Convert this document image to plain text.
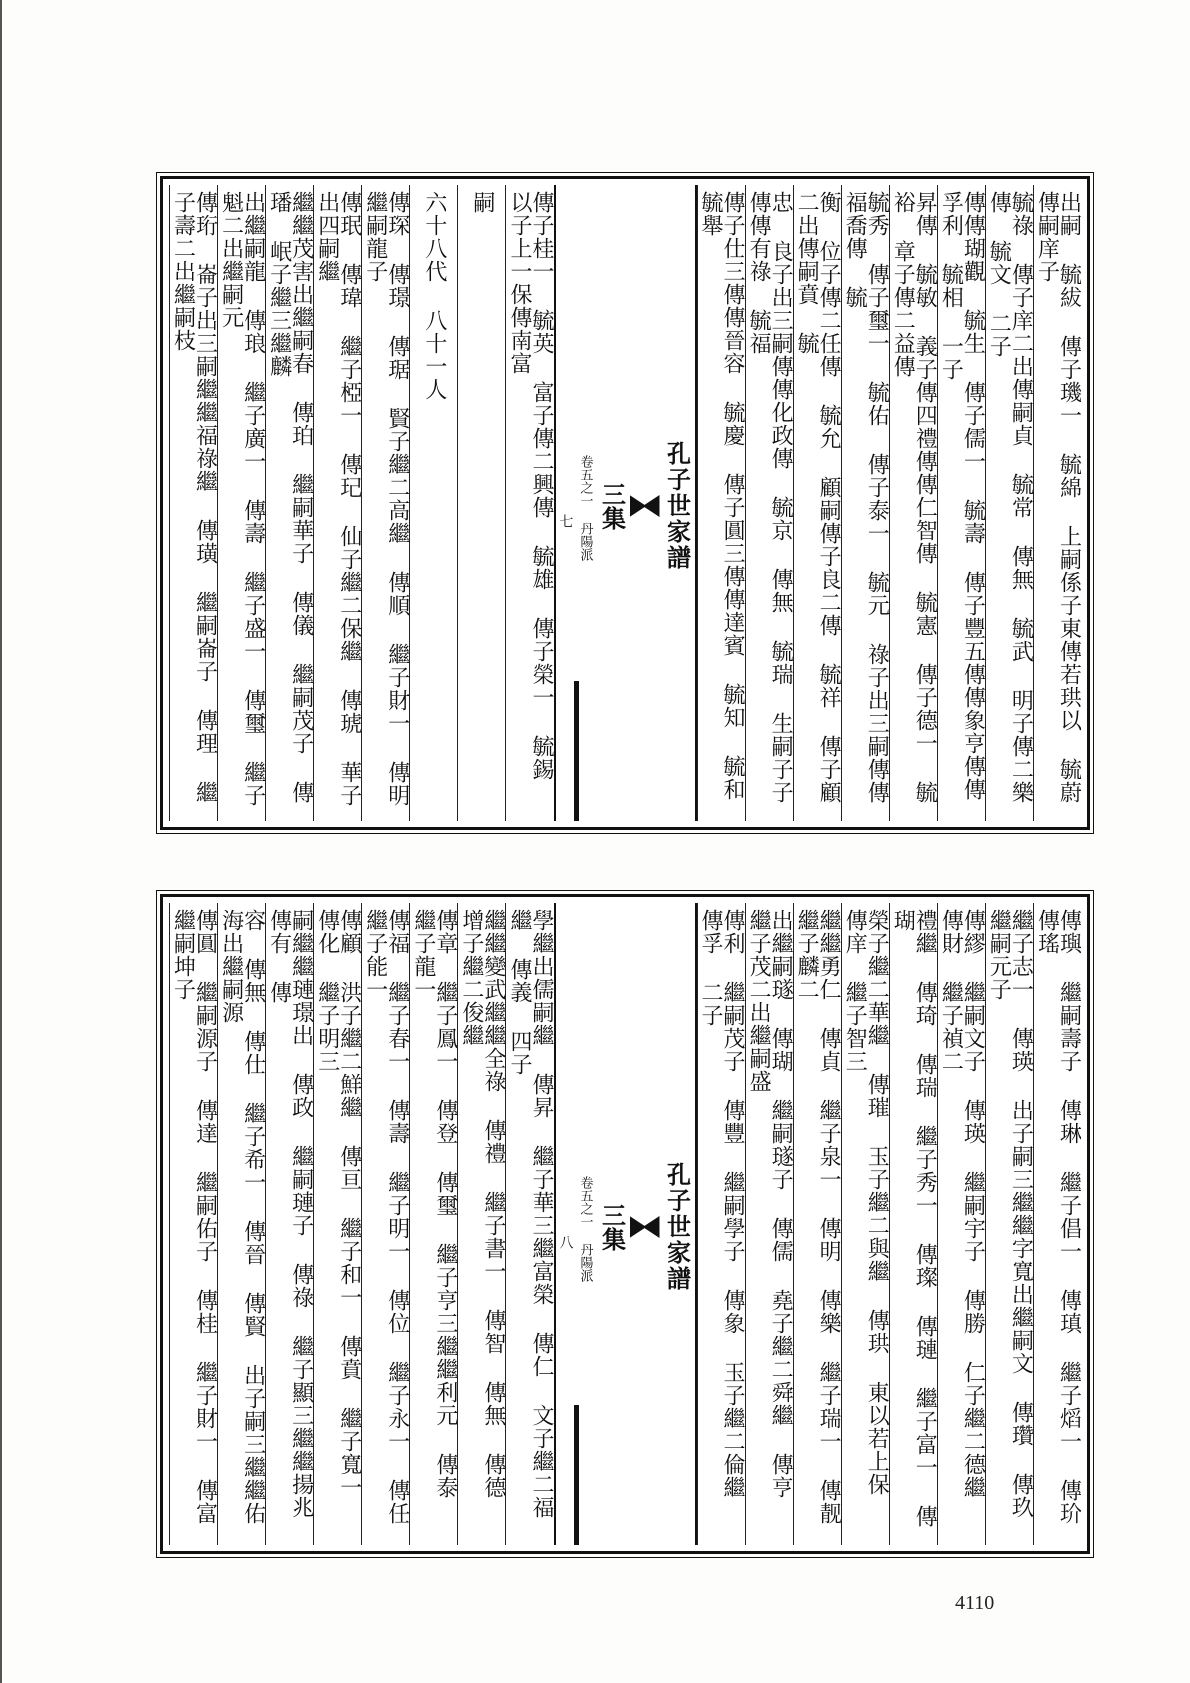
出嗣 毓紱 傳子璣一 毓綿 上嗣係子東傳若珙以 毓蔚 傳嗣庠子
毓祿 傳子庠二出傳嗣貞 毓常 傳無 毓武 明子傳二樂傳 毓文 二子
傳傳瑚觀 毓生 傳子儒一 毓壽 傳子豐五傳傳象亨傳傳孚利 毓相 一子
昇傳 毓敏 義子傳四禮傳傳仁智傳 毓憲 傳子德一 毓裕 章子傳二益傳
毓秀 傳子璽一 毓佑 傳子泰一 毓元 祿子出三嗣傳傳福喬傳 毓
衡 位子傳二任傳 毓允 顧嗣傳子良二傳 毓祥 傳子顧二出傳嗣賁 毓
忠 良子出三嗣傳傳化政傳 毓京 傳無 毓瑞 生嗣子子傳傳有祿 毓福
傳子仕三傳傳晉容 毓慶 傳子圓三傳傳達賓 毓知 毓和 毓舉
孔子世家譜
三集
卷五之一 丹陽派
七
傳子桂一 毓英 富子傳二興傳 毓雄 傳子榮一 毓錫 以子上一保傳南富
嗣
六十八代 八十一人
傳琛 傳璟 傳琚 賢子繼二高繼 傳順 繼子財一 傳明 繼嗣龍子
傳珉 傳瑋 繼子椏一 傳玘 仙子繼二保繼 傳琥 華子出四嗣繼
繼繼茂害出繼嗣春 傳珀 繼嗣華子 傳儀 繼嗣茂子 傳璠 岷子繼三繼麟
出繼嗣龍 傳琅 繼子廣一 傳壽 繼子盛一 傳璽 繼子魁二出繼嗣元
傳珩 崙子出三嗣繼繼福祿繼 傳璜 繼嗣崙子 傳理 繼子壽二出繼嗣枝
傳璵 繼嗣壽子 傳琳 繼子倡一 傳瑱 繼子熖一 傳玠 傳瑤
繼子志一 傳瑛 出子嗣三繼繼字寬出繼嗣文 傳瓚 傳玖 繼嗣元子
傳繆 繼嗣文子 傳瑛 繼嗣宇子 傳勝 仁子繼二德繼 傳財 繼子禎二
禮繼 傳琦 傳瑞 繼子秀一 傳璨 傳璉 繼子富一 傳瑚
榮子繼二華繼 傳璀 玉子繼二與繼 傳珙 東以若上保 傳庠 繼子智三
繼繼勇仁 傳貞 繼子泉一 傳明 傳樂 繼子瑞一 傳靓 繼子麟二
出繼嗣璲 傳瑚 繼嗣璲子 傳儒 堯子繼二舜繼 傳亨 繼子茂二出繼嗣盛
傳利 繼嗣茂子 傳豐 繼嗣學子 傳象 玉子繼二倫繼 傳孚 二子
孔子世家譜
三集
卷五之一 丹陽派
八
學繼出儒嗣繼 傳昇 繼子華三繼富榮 傳仁 文子繼二福繼 傳義 四子
繼繼變武繼繼全祿 傳禮 繼子書一 傳智 傳無 傳德 增子繼二俊繼
傳章 繼子鳳一 傳登 傳璽 繼子亨三繼繼利元 傳泰 繼子龍一
傳福 繼子春一 傳壽 繼子明一 傳位 繼子永一 傳任 繼子能一
傳顧 洪子繼二鮮繼 傳亘 繼子和一 傳賁 繼子寬一 傳化 繼子明三
嗣繼繼璉璟出 傳政 繼嗣璉子 傳祿 繼子顯三繼繼揚兆 傳有 傳
容 傳無 傳仕 繼子希一 傳晉 傳賢 出子嗣三繼繼佑海出繼嗣源
傳圓 繼嗣源子 傳達 繼嗣佑子 傳桂 繼子財一 傳富 繼嗣坤子
4110
